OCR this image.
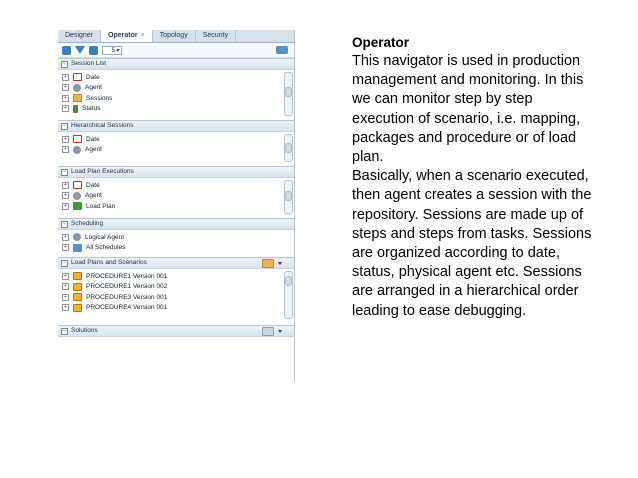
Designer	Operator ×	Topology	Security
5
− Session List
+	Date
+	Agent
+	Sessions
+	Status
− Hierarchical Sessions
+	Date
+	Agent
− Load Plan Executions
+	Date
+	Agent
+	Load Plan
− Scheduling
+	Logical Agent
+	All Schedules
− Load Plans and Scenarios
+	PROCEDURE1 Version 001
+	PROCEDURE1 Version 002
+	PROCEDURE3 Version 001
+	PROCEDURE4 Version 001
− Solutions
Operator
This navigator is used in production management and monitoring. In this we can monitor step by step execution of scenario, i.e. mapping, packages and procedure or of load plan.
Basically, when a scenario executed, then agent creates a session with the repository. Sessions are made up of steps and steps from tasks. Sessions are organized according to date, status, physical agent etc. Sessions are arranged in a hierarchical order leading to ease debugging.
